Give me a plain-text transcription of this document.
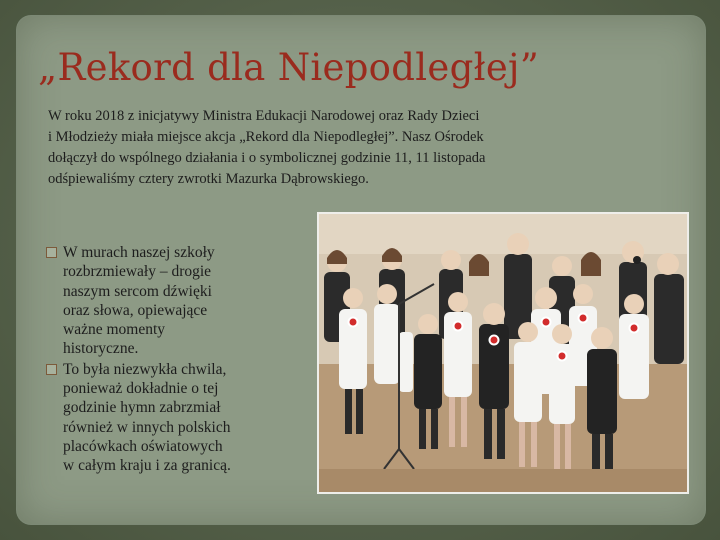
„Rekord dla Niepodległej”
W roku 2018 z inicjatywy Ministra Edukacji Narodowej oraz Rady Dzieci
i Młodzieży miała miejsce akcja „Rekord dla Niepodległej”. Nasz Ośrodek
dołączył do wspólnego działania i o symbolicznej godzinie 11, 11 listopada
odśpiewaliśmy cztery zwrotki Mazurka Dąbrowskiego.
W murach naszej szkoły
rozbrzmiewały – drogie
naszym sercom dźwięki
oraz słowa, opiewające
ważne momenty
historyczne.
To była niezwykła chwila,
ponieważ dokładnie o tej
godzinie hymn zabrzmiał
również w innych polskich
placówkach oświatowych
w całym kraju i za granicą.
